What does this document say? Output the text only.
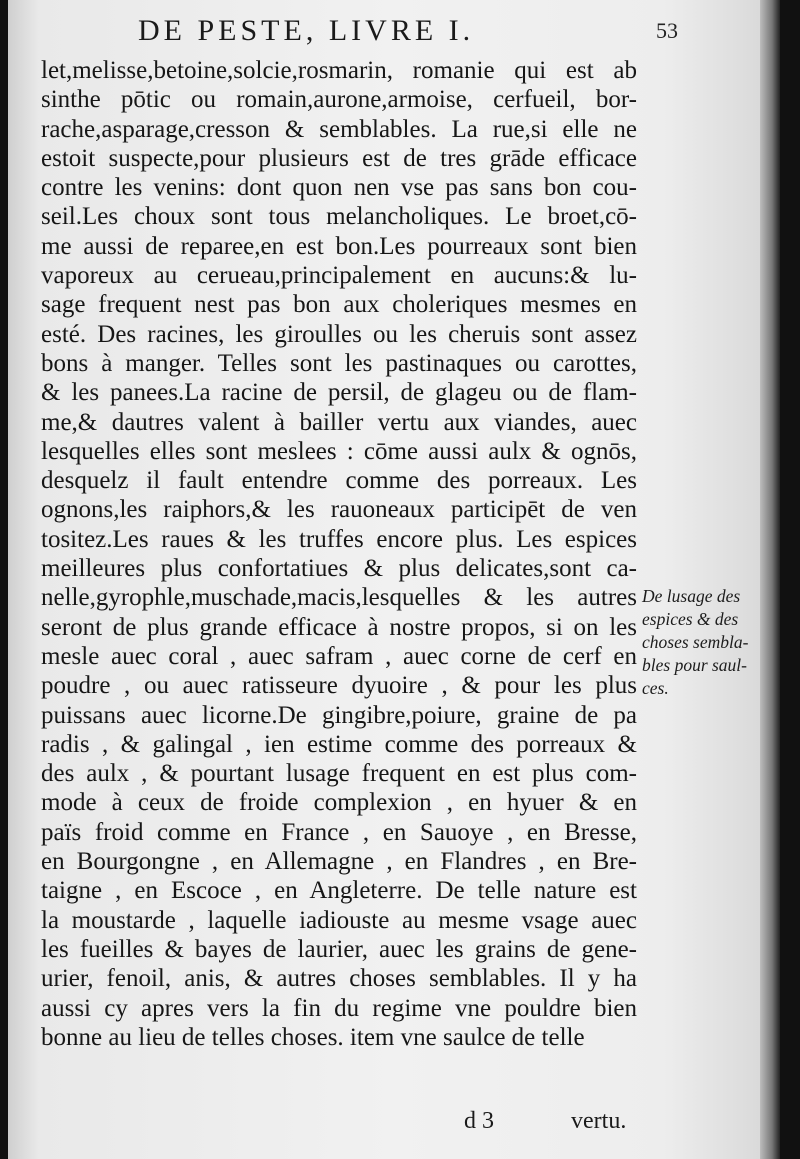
DE PESTE, LIVRE I.	53
let,melisse,betoine,solcie,rosmarin, romanie qui est ab
sinthe pōtic ou romain,aurone,armoise, cerfueil, bor-
rache,asparage,cresson & semblables. La rue,si elle ne
estoit suspecte,pour plusieurs est de tres grāde efficace
contre les venins: dont quon nen vse pas sans bon cou-
seil.Les choux sont tous melancholiques. Le broet,cō-
me aussi de reparee,en est bon.Les pourreaux sont bien
vaporeux au cerueau,principalement en aucuns:& lu-
sage frequent nest pas bon aux choleriques mesmes en
esté. Des racines, les giroulles ou les cheruis sont assez
bons à manger. Telles sont les pastinaques ou carottes,
& les panees.La racine de persil, de glageu ou de flam-
me,& dautres valent à bailler vertu aux viandes, auec
lesquelles elles sont meslees : cōme aussi aulx & ognōs,
desquelz il fault entendre comme des porreaux. Les
ognons,les raiphors,& les rauoneaux participēt de ven
tositez.Les raues & les truffes encore plus. Les espices
meilleures plus confortatiues & plus delicates,sont ca-
nelle,gyrophle,muschade,macis,lesquelles & les autres
seront de plus grande efficace à nostre propos, si on les
mesle auec coral , auec safram , auec corne de cerf en
poudre , ou auec ratisseure dyuoire , & pour les plus
puissans auec licorne.De gingibre,poiure, graine de pa
radis , & galingal , ien estime comme des porreaux &
des aulx , & pourtant lusage frequent en est plus com-
mode à ceux de froide complexion , en hyuer & en
païs froid comme en France , en Sauoye , en Bresse,
en Bourgongne , en Allemagne , en Flandres , en Bre-
taigne , en Escoce , en Angleterre. De telle nature est
la moustarde , laquelle iadiouste au mesme vsage auec
les fueilles & bayes de laurier, auec les grains de gene-
urier, fenoil, anis, & autres choses semblables. Il y ha
aussi cy apres vers la fin du regime vne pouldre bien
bonne au lieu de telles choses. item vne saulce de telle
De lusage des
espices & des
choses sembla-
bles pour saul-
ces.
d 3	vertu.
